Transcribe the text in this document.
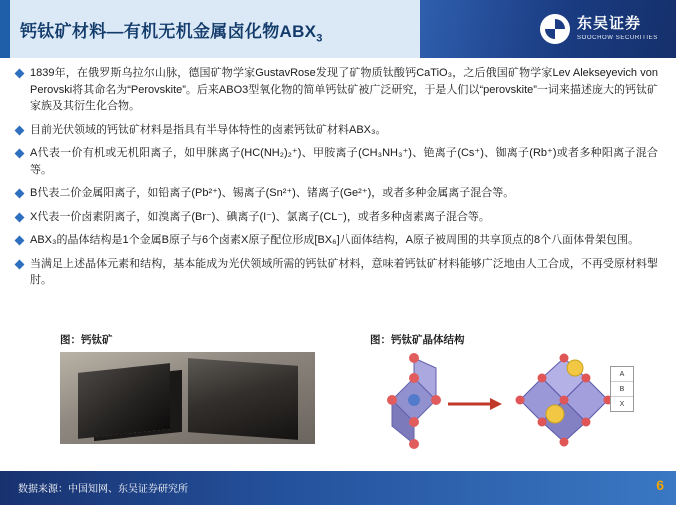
钙钛矿材料—有机无机金属卤化物$ABX_3$
东吴证券
SOOCHOW SECURITIES
1839年，在俄罗斯乌拉尔山脉，德国矿物学家GustavRose发现了矿物质钛酸钙CaTiO₃，之后俄国矿物学家Lev Alekseyevich von Perovski将其命名为“Perovskite”。后来ABO3型氧化物的简单钙钛矿被广泛研究，于是人们以“perovskite”一词来描述庞大的钙钛矿家族及其衍生化合物。
目前光伏领域的钙钛矿材料是指具有半导体特性的卤素钙钛矿材料ABX₃。
A代表一价有机或无机阳离子，如甲脒离子(HC(NH₂)₂⁺)、甲胺离子(CH₃NH₃⁺)、铯离子(Cs⁺)、铷离子(Rb⁺)或者多种阳离子混合等。
B代表二价金属阳离子，如铅离子(Pb²⁺)、锡离子(Sn²⁺)、锗离子(Ge²⁺)，或者多种金属离子混合等。
X代表一价卤素阴离子，如溴离子(Br⁻)、碘离子(I⁻)、氯离子(CL⁻)，或者多种卤素离子混合等。
ABX₃的晶体结构是1个金属B原子与6个卤素X原子配位形成[BX₆]八面体结构，A原子被周围的共享顶点的8个八面体骨架包围。
当满足上述晶体元素和结构，基本能成为光伏领域所需的钙钛矿材料，意味着钙钛矿材料能够广泛地由人工合成，不再受原材料掣肘。
图：钙钛矿	图：钙钛矿晶体结构
A
B
X
数据来源：中国知网、东吴证券研究所	6
